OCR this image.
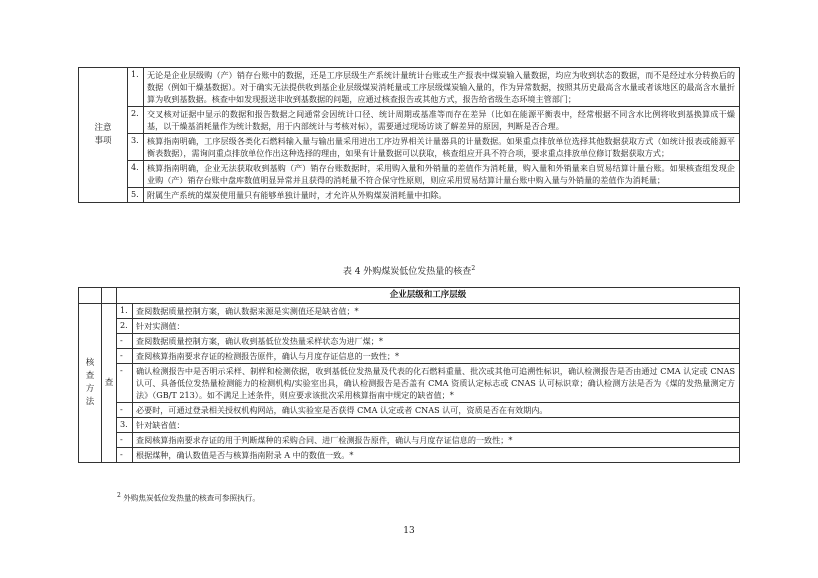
注意
事项	1.	无论是企业层级购（产）销存台账中的数据，还是工序层级生产系统计量统计台账或生产报表中煤炭输入量数据，均应为收到状态的数据，而不是经过水分转换后的数据（例如干燥基数据）。对于确实无法提供收到基企业层级煤炭消耗量或工序层级煤炭输入量的，作为异常数据，按照其历史最高含水量或者该地区的最高含水量折算为收到基数据。核查中如发现报送非收到基数据的问题，应通过核查报告或其他方式，报告给省级生态环境主管部门；
	2.	交叉核对证据中显示的数据和报告数据之间通常会因统计口径、统计周期或基准等而存在差异（比如在能源平衡表中，经常根据不同含水比例将收到基换算成干燥基，以干燥基消耗量作为统计数据，用于内部统计与考核对标），需要通过现场访谈了解差异的原因，判断是否合理。
	3.	核算指南明确，工序层级各类化石燃料输入量与输出量采用进出工序边界相关计量器具的计量数据。如果重点排放单位选择其他数据获取方式（如统计报表或能源平衡表数据），需询问重点排放单位作出这种选择的理由，如果有计量数据可以获取，核查组应开具不符合项，要求重点排放单位修订数据获取方式；
	4.	核算指南明确，企业无法获取收到基购（产）销存台账数据时，采用购入量和外销量的差值作为消耗量，购入量和外销量来自贸易结算计量台账。如果核查组发现企业购（产）销存台账中盘库数值明显异常并且获得的消耗量不符合保守性原则，则应采用贸易结算计量台账中购入量与外销量的差值作为消耗量；
	5.	附属生产系统的煤炭使用量只有能够单独计量时，才允许从外购煤炭消耗量中扣除。
表 4 外购煤炭低位发热量的核查$^2$
		企业层级和工序层级	
核
查
方
法	查	1.	查阅数据质量控制方案，确认数据来源是实测值还是缺省值；*
		2.	针对实测值：
		-	查阅数据质量控制方案，确认收到基低位发热量采样状态为进厂煤；*
		-	查阅核算指南要求存证的检测报告原件，确认与月度存证信息的一致性；*
		-	确认检测报告中是否明示采样、制样和检测依据，收到基低位发热量及代表的化石燃料重量、批次或其他可追溯性标识，确认检测报告是否由通过 CMA 认定或 CNAS 认可、具备低位发热量检测能力的检测机构/实验室出具，确认检测报告是否盖有 CMA 资质认定标志或 CNAS 认可标识章；确认检测方法是否为《煤的发热量测定方法》（GB/T 213）。如不满足上述条件，则应要求该批次采用核算指南中规定的缺省值；*
		-	必要时，可通过登录相关授权机构网站，确认实验室是否获得 CMA 认定或者 CNAS 认可，资质是否在有效期内。
		3.	针对缺省值：
		-	查阅核算指南要求存证的用于判断煤种的采购合同、进厂检测报告原件，确认与月度存证信息的一致性；*
		-	根据煤种，确认数值是否与核算指南附录 A 中的数值一致。*
$^2$ 外购焦炭低位发热量的核查可参照执行。
13
